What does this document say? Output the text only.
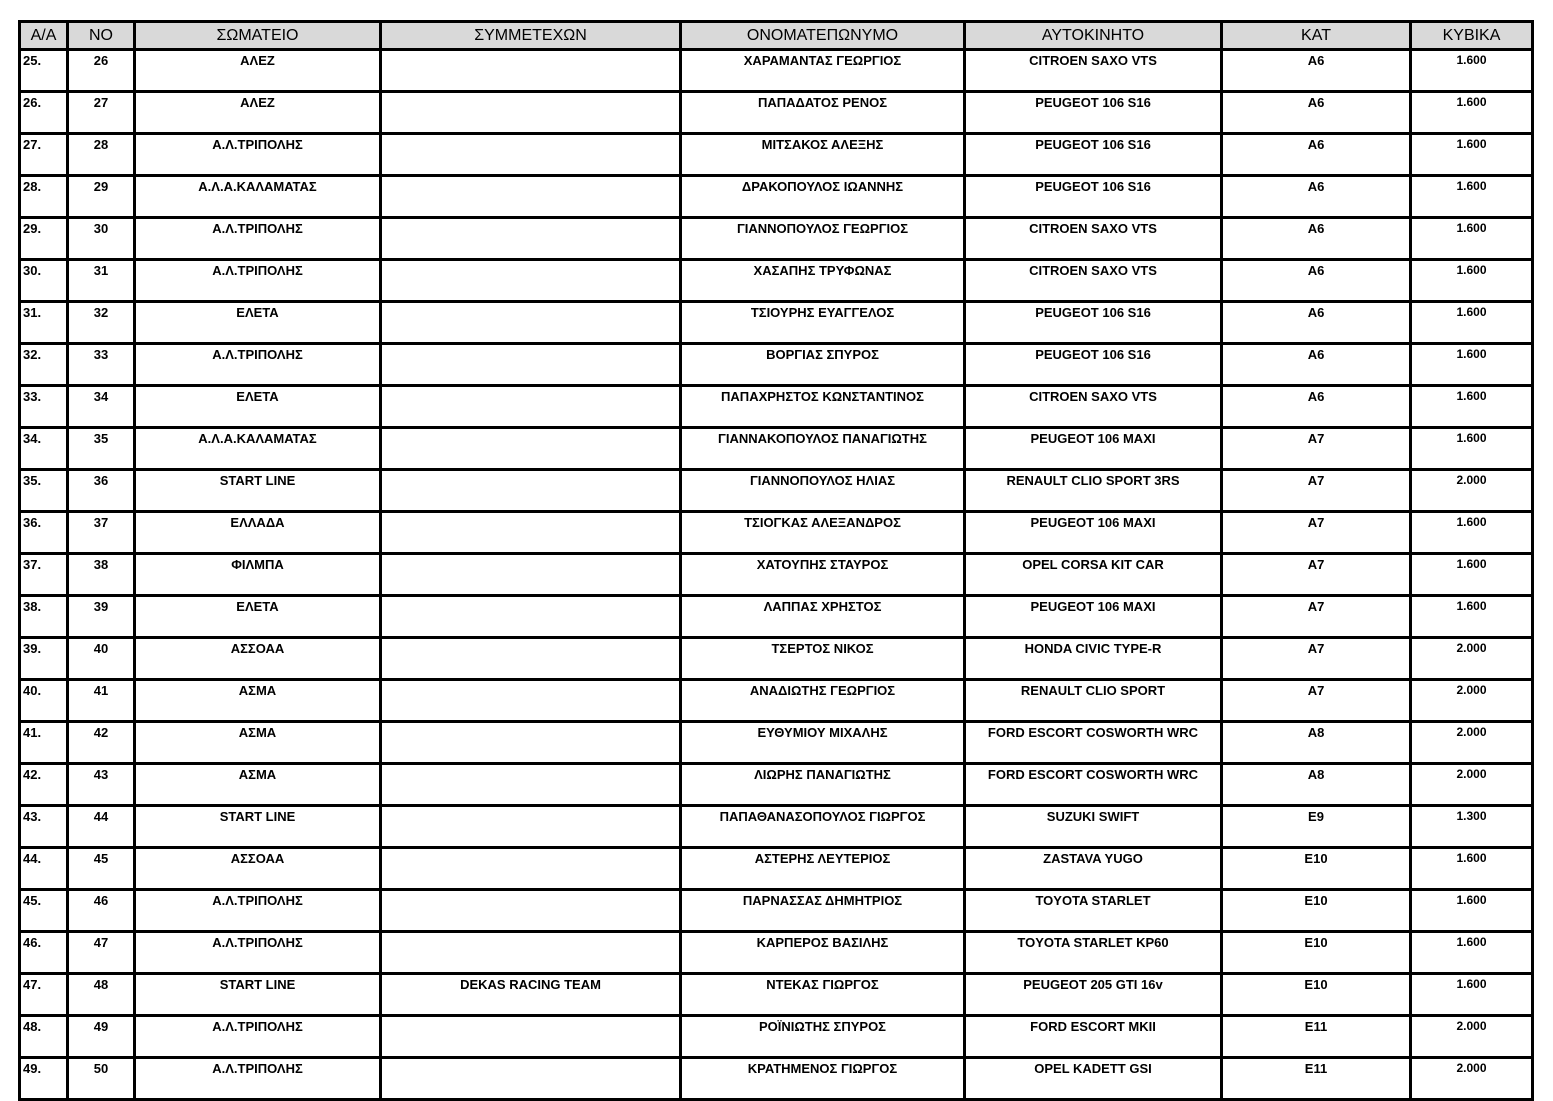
Α/Α	ΝΟ	ΣΩΜΑΤΕΙΟ	ΣΥΜΜΕΤΕΧΩΝ	ΟΝΟΜΑΤΕΠΩΝΥΜΟ	ΑΥΤΟΚΙΝΗΤΟ	ΚΑΤ	ΚΥΒΙΚΑ
25.	26	ΑΛΕΖ		ΧΑΡΑΜΑΝΤΑΣ ΓΕΩΡΓΙΟΣ	CITROEN SAXO VTS	A6	1.600
26.	27	ΑΛΕΖ		ΠΑΠΑΔΑΤΟΣ ΡΕΝΟΣ	PEUGEOT 106 S16	A6	1.600
27.	28	Α.Λ.ΤΡΙΠΟΛΗΣ		ΜΙΤΣΑΚΟΣ ΑΛΕΞΗΣ	PEUGEOT 106 S16	A6	1.600
28.	29	Α.Λ.Α.ΚΑΛΑΜΑΤΑΣ		ΔΡΑΚΟΠΟΥΛΟΣ ΙΩΑΝΝΗΣ	PEUGEOT 106 S16	A6	1.600
29.	30	Α.Λ.ΤΡΙΠΟΛΗΣ		ΓΙΑΝΝΟΠΟΥΛΟΣ ΓΕΩΡΓΙΟΣ	CITROEN SAXO VTS	A6	1.600
30.	31	Α.Λ.ΤΡΙΠΟΛΗΣ		ΧΑΣΑΠΗΣ ΤΡΥΦΩΝΑΣ	CITROEN SAXO VTS	A6	1.600
31.	32	ΕΛΕΤΑ		ΤΣΙΟΥΡΗΣ ΕΥΑΓΓΕΛΟΣ	PEUGEOT 106 S16	A6	1.600
32.	33	Α.Λ.ΤΡΙΠΟΛΗΣ		ΒΟΡΓΙΑΣ ΣΠΥΡΟΣ	PEUGEOT 106 S16	A6	1.600
33.	34	ΕΛΕΤΑ		ΠΑΠΑΧΡΗΣΤΟΣ ΚΩΝΣΤΑΝΤΙΝΟΣ	CITROEN SAXO VTS	A6	1.600
34.	35	Α.Λ.Α.ΚΑΛΑΜΑΤΑΣ		ΓΙΑΝΝΑΚΟΠΟΥΛΟΣ ΠΑΝΑΓΙΩΤΗΣ	PEUGEOT 106 MAXI	A7	1.600
35.	36	START LINE		ΓΙΑΝΝΟΠΟΥΛΟΣ ΗΛΙΑΣ	RENAULT CLIO SPORT 3RS	A7	2.000
36.	37	ΕΛΛΑΔΑ		ΤΣΙΟΓΚΑΣ ΑΛΕΞΑΝΔΡΟΣ	PEUGEOT 106 MAXI	A7	1.600
37.	38	ΦΙΛΜΠΑ		ΧΑΤΟΥΠΗΣ ΣΤΑΥΡΟΣ	OPEL CORSA KIT CAR	A7	1.600
38.	39	ΕΛΕΤΑ		ΛΑΠΠΑΣ ΧΡΗΣΤΟΣ	PEUGEOT 106 MAXI	A7	1.600
39.	40	ΑΣΣΟΑΑ		ΤΣΕΡΤΟΣ ΝΙΚΟΣ	HONDA CIVIC TYPE-R	A7	2.000
40.	41	ΑΣΜΑ		ΑΝΑΔΙΩΤΗΣ ΓΕΩΡΓΙΟΣ	RENAULT CLIO SPORT	A7	2.000
41.	42	ΑΣΜΑ		ΕΥΘΥΜΙΟΥ ΜΙΧΑΛΗΣ	FORD ESCORT COSWORTH WRC	A8	2.000
42.	43	ΑΣΜΑ		ΛΙΩΡΗΣ ΠΑΝΑΓΙΩΤΗΣ	FORD ESCORT COSWORTH WRC	A8	2.000
43.	44	START LINE		ΠΑΠΑΘΑΝΑΣΟΠΟΥΛΟΣ ΓΙΩΡΓΟΣ	SUZUKI SWIFT	E9	1.300
44.	45	ΑΣΣΟΑΑ		ΑΣΤΕΡΗΣ ΛΕΥΤΕΡΙΟΣ	ZASTAVA YUGO	E10	1.600
45.	46	Α.Λ.ΤΡΙΠΟΛΗΣ		ΠΑΡΝΑΣΣΑΣ ΔΗΜΗΤΡΙΟΣ	TOYOTA STARLET	E10	1.600
46.	47	Α.Λ.ΤΡΙΠΟΛΗΣ		ΚΑΡΠΕΡΟΣ ΒΑΣΙΛΗΣ	TOYOTA STARLET KP60	E10	1.600
47.	48	START LINE	DEKAS RACING TEAM	ΝΤΕΚΑΣ ΓΙΩΡΓΟΣ	PEUGEOT 205 GTI 16v	E10	1.600
48.	49	Α.Λ.ΤΡΙΠΟΛΗΣ		ΡΟΪΝΙΩΤΗΣ ΣΠΥΡΟΣ	FORD ESCORT MKII	E11	2.000
49.	50	Α.Λ.ΤΡΙΠΟΛΗΣ		ΚΡΑΤΗΜΕΝΟΣ ΓΙΩΡΓΟΣ	OPEL KADETT GSI	E11	2.000
